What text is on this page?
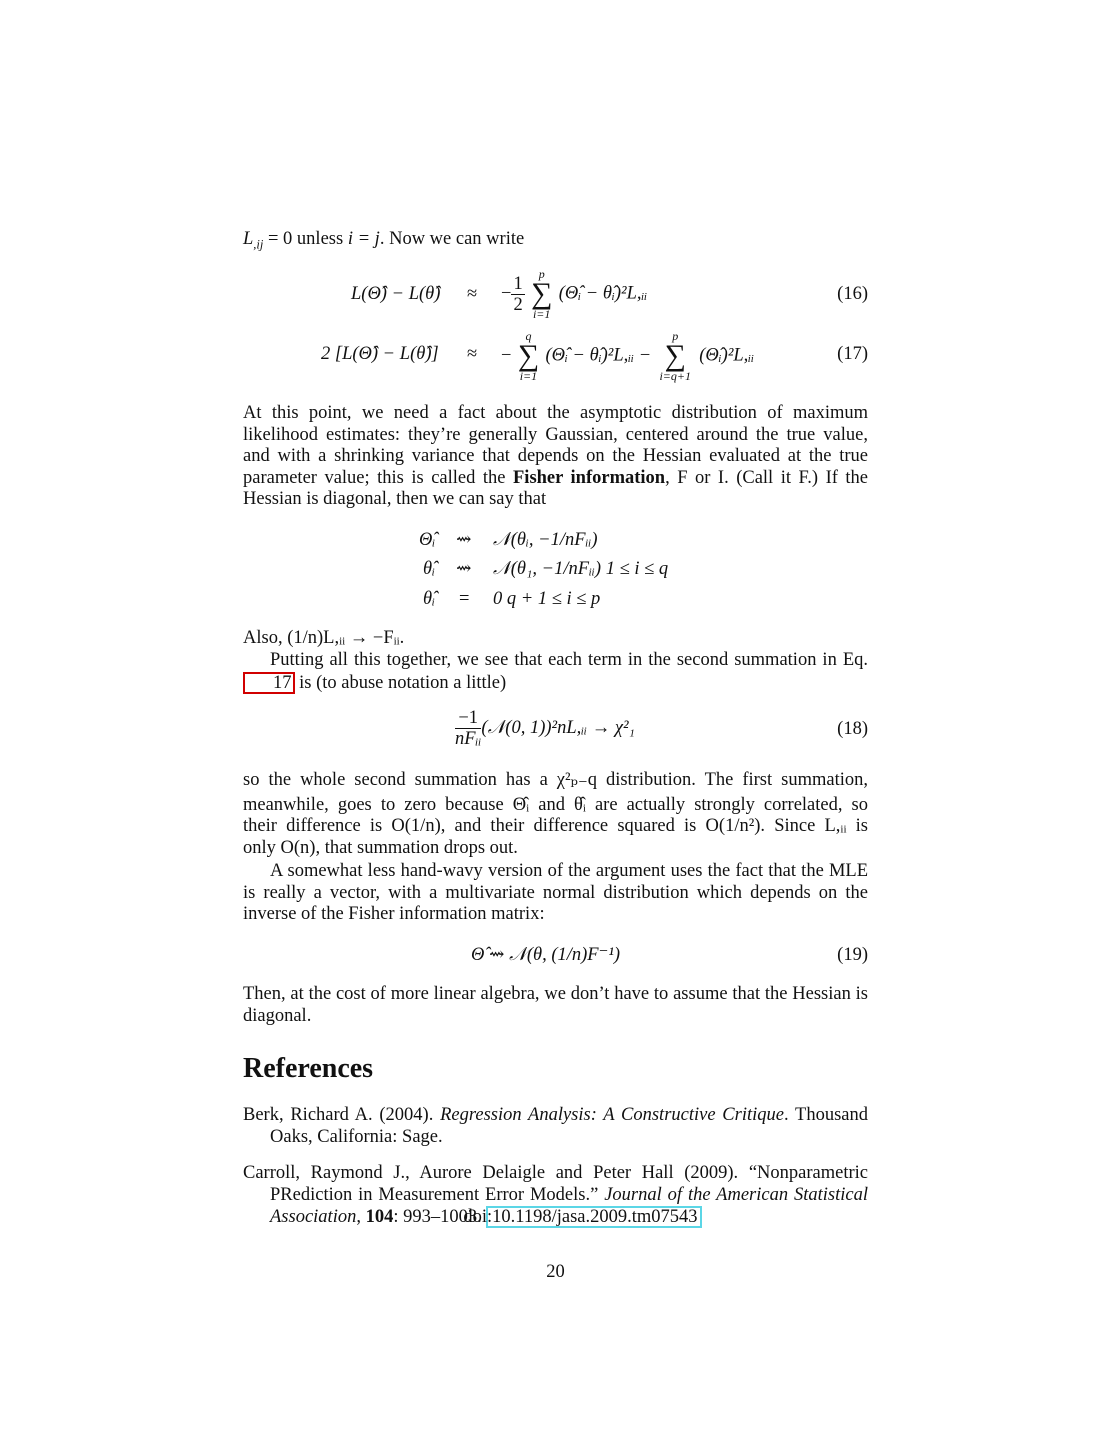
$L_{,ij} = 0$ unless i = j. Now we can write
L(Θ̂) − L(θ̂) ≈ − $\frac{1}{2}$	p
∑
i=1
(Θ̂ᵢ − θ̂ᵢ)²L,ᵢᵢ	(16)
2 [L(Θ̂) − L(θ̂)] ≈ −
q
∑
i=1
(Θ̂ᵢ − θ̂ᵢ)²L,ᵢᵢ −
p
∑
i=q+1
(Θ̂ᵢ)²L,ᵢᵢ	(17)

At this point, we need a fact about the asymptotic distribution of maximum likelihood estimates: they’re generally Gaussian, centered around the true value, and with a shrinking variance that depends on the Hessian evaluated at the true parameter value; this is called the Fisher information, F or I. (Call it F.) If the Hessian is diagonal, then we can say that

Θ̂ᵢ ⇝ 𝒩(θᵢ, −1/nFᵢᵢ)
θ̂ᵢ ⇝ 𝒩(θ₁, −1/nFᵢᵢ) 1 ≤ i ≤ q
θ̂ᵢ = 0 q + 1 ≤ i ≤ p

Also, (1/n)L,ᵢᵢ → −Fᵢᵢ.

Putting all this together, we see that each term in the second summation in Eq. 17 is (to abuse notation a little)

$\frac{-1}{\text{nFᵢᵢ}}$ (𝒩(0, 1))²nL,ᵢᵢ → χ²₁	(18)

so the whole second summation has a χ²ₚ₋q distribution. The first summation,

meanwhile, goes to zero because Θ̂ᵢ and θ̂ᵢ are actually strongly correlated, so

their difference is O(1/n), and their difference squared is O(1/n²). Since L,ᵢᵢ is

only O(n), that summation drops out.

A somewhat less hand-wavy version of the argument uses the fact that the MLE is really a vector, with a multivariate normal distribution which depends on the inverse of the Fisher information matrix:

Θ̂ ⇝ 𝒩(θ, (1/n)F⁻¹)	(19)

Then, at the cost of more linear algebra, we don’t have to assume that the Hessian is diagonal.

References

Berk, Richard A. (2004). Regression Analysis: A Constructive Critique. Thousand Oaks, California: Sage.

Carroll, Raymond J., Aurore Delaigle and Peter Hall (2009). “Nonparametric PRediction in Measurement Error Models.” Journal of the American Statistical Association, 104: 993–1003. doi:10.1198/jasa.2009.tm07543

20
